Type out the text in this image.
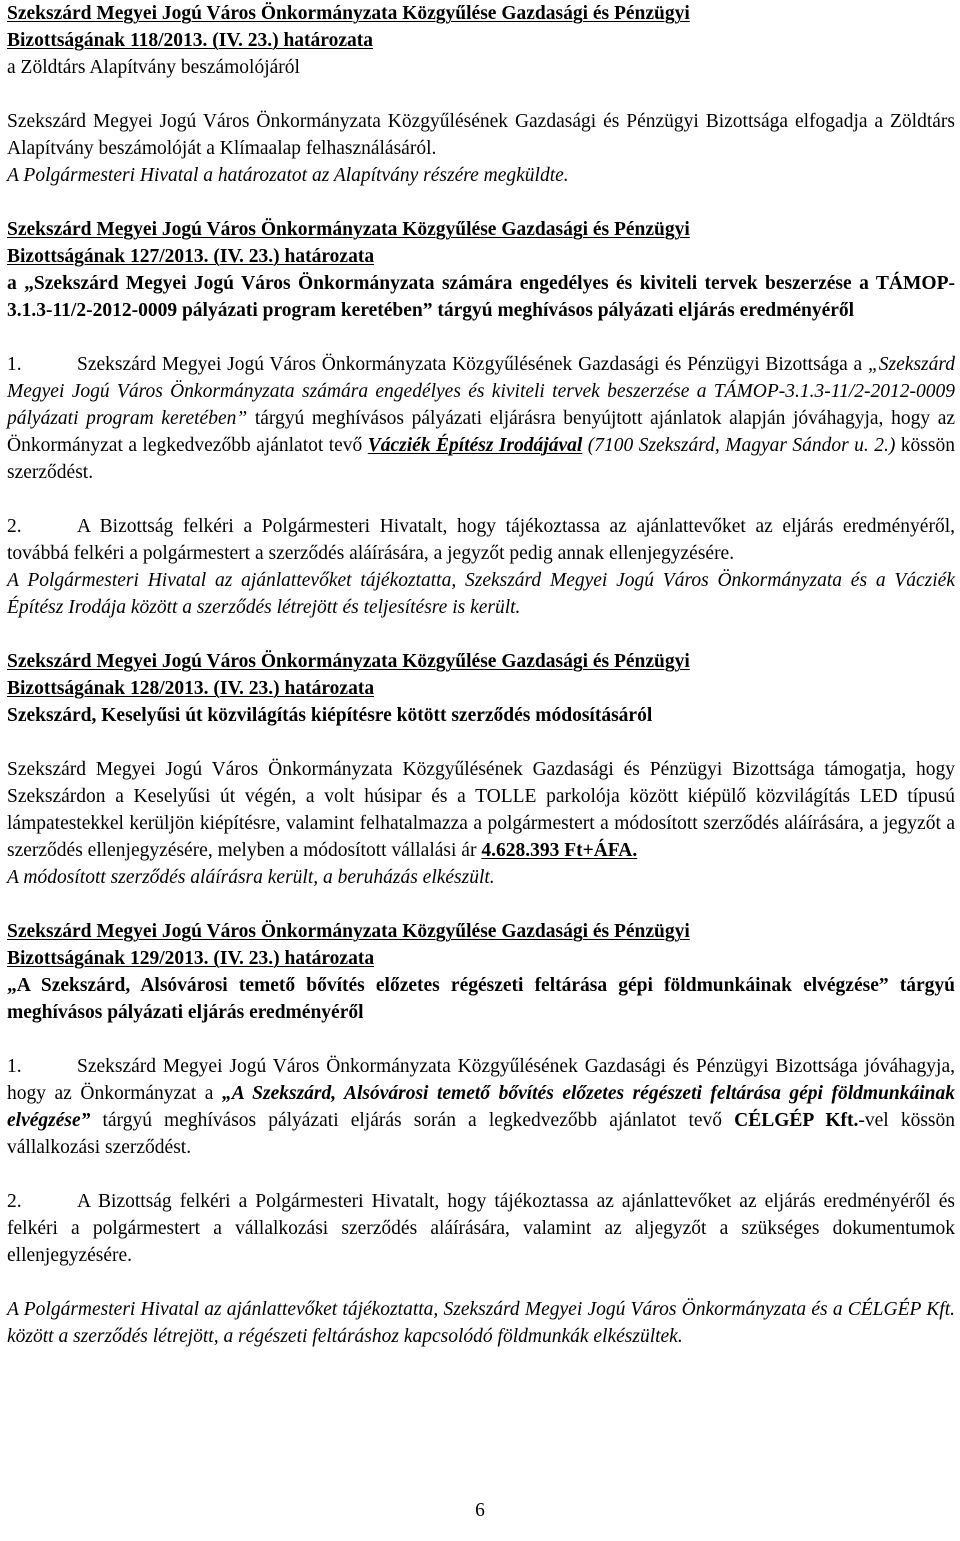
Szekszárd Megyei Jogú Város Önkormányzata Közgyűlése Gazdasági és Pénzügyi
Bizottságának 118/2013. (IV. 23.) határozata
a Zöldtárs Alapítvány beszámolójáról
Szekszárd Megyei Jogú Város Önkormányzata Közgyűlésének Gazdasági és Pénzügyi Bizottsága elfogadja a Zöldtárs Alapítvány beszámolóját a Klímaalap felhasználásáról.
A Polgármesteri Hivatal a határozatot az Alapítvány részére megküldte.
Szekszárd Megyei Jogú Város Önkormányzata Közgyűlése Gazdasági és Pénzügyi
Bizottságának 127/2013. (IV. 23.) határozata
a „Szekszárd Megyei Jogú Város Önkormányzata számára engedélyes és kiviteli tervek beszerzése a TÁMOP-3.1.3-11/2-2012-0009 pályázati program keretében” tárgyú meghívásos pályázati eljárás eredményéről
1.	Szekszárd Megyei Jogú Város Önkormányzata Közgyűlésének Gazdasági és Pénzügyi Bizottsága a „Szekszárd Megyei Jogú Város Önkormányzata számára engedélyes és kiviteli tervek beszerzése a TÁMOP-3.1.3-11/2-2012-0009 pályázati program keretében” tárgyú meghívásos pályázati eljárásra benyújtott ajánlatok alapján jóváhagyja, hogy az Önkormányzat a legkedvezőbb ajánlatot tevő Vácziék Építész Irodájával (7100 Szekszárd, Magyar Sándor u. 2.) kössön szerződést.
2.	A Bizottság felkéri a Polgármesteri Hivatalt, hogy tájékoztassa az ajánlattevőket az eljárás eredményéről, továbbá felkéri a polgármestert a szerződés aláírására, a jegyzőt pedig annak ellenjegyzésére.
A Polgármesteri Hivatal az ajánlattevőket tájékoztatta, Szekszárd Megyei Jogú Város Önkormányzata és a Vácziék Építész Irodája között a szerződés létrejött és teljesítésre is került.
Szekszárd Megyei Jogú Város Önkormányzata Közgyűlése Gazdasági és Pénzügyi
Bizottságának 128/2013. (IV. 23.) határozata
Szekszárd, Keselyűsi út közvilágítás kiépítésre kötött szerződés módosításáról
Szekszárd Megyei Jogú Város Önkormányzata Közgyűlésének Gazdasági és Pénzügyi Bizottsága támogatja, hogy Szekszárdon a Keselyűsi út végén, a volt húsipar és a TOLLE parkolója között kiépülő közvilágítás LED típusú lámpatestekkel kerüljön kiépítésre, valamint felhatalmazza a polgármestert a módosított szerződés aláírására, a jegyzőt a szerződés ellenjegyzésére, melyben a módosított vállalási ár 4.628.393 Ft+ÁFA.
A módosított szerződés aláírásra került, a beruházás elkészült.
Szekszárd Megyei Jogú Város Önkormányzata Közgyűlése Gazdasági és Pénzügyi
Bizottságának 129/2013. (IV. 23.) határozata
„A Szekszárd, Alsóvárosi temető bővítés előzetes régészeti feltárása gépi földmunkáinak elvégzése” tárgyú meghívásos pályázati eljárás eredményéről
1.	Szekszárd Megyei Jogú Város Önkormányzata Közgyűlésének Gazdasági és Pénzügyi Bizottsága jóváhagyja, hogy az Önkormányzat a „A Szekszárd, Alsóvárosi temető bővítés előzetes régészeti feltárása gépi földmunkáinak elvégzése” tárgyú meghívásos pályázati eljárás során a legkedvezőbb ajánlatot tevő CÉLGÉP Kft.-vel kössön vállalkozási szerződést.
2.	A Bizottság felkéri a Polgármesteri Hivatalt, hogy tájékoztassa az ajánlattevőket az eljárás eredményéről és felkéri a polgármestert a vállalkozási szerződés aláírására, valamint az aljegyzőt a szükséges dokumentumok ellenjegyzésére.
A Polgármesteri Hivatal az ajánlattevőket tájékoztatta, Szekszárd Megyei Jogú Város Önkormányzata és a CÉLGÉP Kft. között a szerződés létrejött, a régészeti feltáráshoz kapcsolódó földmunkák elkészültek.
6
